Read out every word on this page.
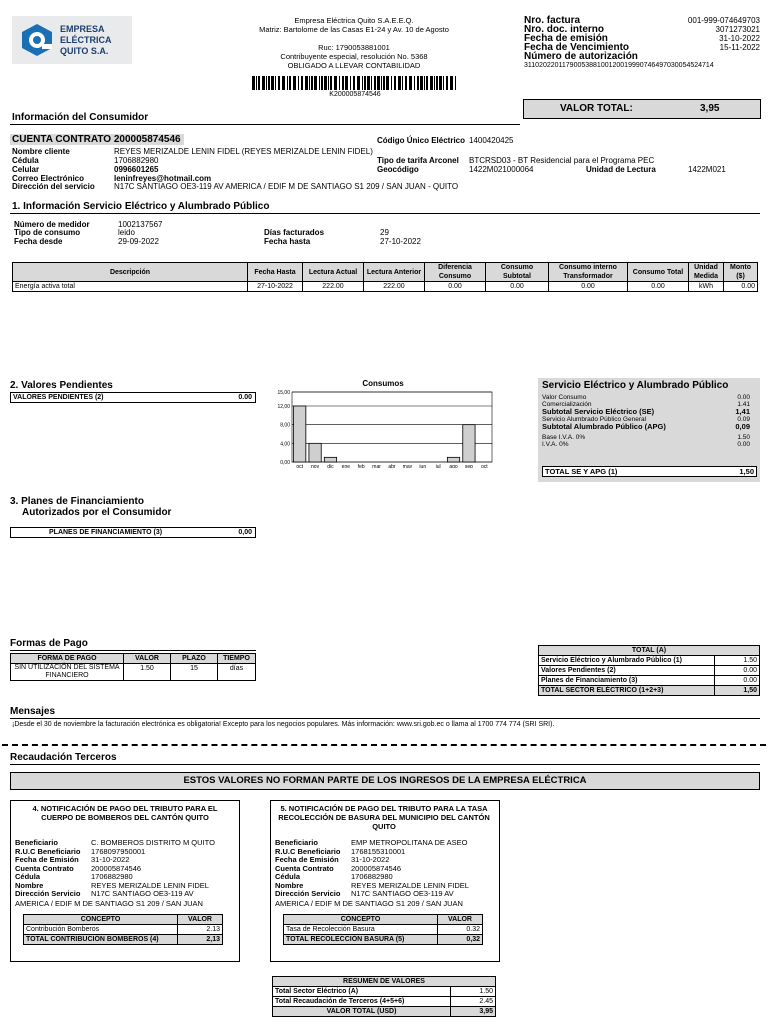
EMPRESA
ELÉCTRICA
QUITO S.A.
Empresa Eléctrica Quito S.A.E.E.Q.
Matriz: Bartolome de las Casas E1-24 y Av. 10 de Agosto
Ruc: 1790053881001
Contribuyente especial, resolución No. 5368
OBLIGADO A LLEVAR CONTABILIDAD
K200005874546
Nro. factura	001-999-074649703
Nro. doc. interno	3071273021
Fecha de emisión	31-10-2022
Fecha de Vencimiento	15-11-2022
Número de autorización
3110202201179005388100120019990746497030054524714
Información del Consumidor
VALOR TOTAL:	3,95
CUENTA CONTRATO 200005874546	Código Único Eléctrico 1400420425
Nombre cliente	REYES MERIZALDE LENIN FIDEL (REYES MERIZALDE LENIN FIDEL)
Cédula	1706882980	Tipo de tarifa Arconel BTCRSD03 - BT Residencial para el Programa PEC
Celular	0996601265	Geocódigo	1422M021000064	Unidad de Lectura	1422M021
Correo Electrónico	leninfreyes@hotmail.com
Dirección del servicio N17C SANTIAGO OE3-119 AV AMERICA / EDIF M DE SANTIAGO S1 209 / SAN JUAN - QUITO
1. Información Servicio Eléctrico y Alumbrado Público
Número de medidor	1002137567
Tipo de consumo	leido	Días facturados	29
Fecha desde	29-09-2022	Fecha hasta	27-10-2022
Descripción	Fecha Hasta	Lectura Actual	Lectura Anterior	Diferencia Consumo	Consumo Subtotal	Consumo interno Transformador	Consumo Total	Unidad Medida	Monto ($)
Energía activa total	27-10-2022	222.00	222.00	0.00	0.00	0.00	0.00	kWh	0.00
2. Valores Pendientes
VALORES PENDIENTES (2)	0.00
Consumos
0,00
4,00
8,00
12,00
15,00
oct nov dic ene feb mar abr may jun jul ago sep oct
Servicio Eléctrico y Alumbrado Público
Valor Consumo	0.00
Comercialización	1.41
Subtotal Servicio Eléctrico (SE)	1,41
Servicio Alumbrado Público General	0.09
Subtotal Alumbrado Público (APG)	0,09
Base I.V.A. 0%	1.50
I.V.A. 0%	0.00
TOTAL SE Y APG (1)	1,50
3. Planes de Financiamiento
Autorizados por el Consumidor
PLANES DE FINANCIAMIENTO (3)	0,00
Formas de Pago
FORMA DE PAGO	VALOR	PLAZO	TIEMPO
SIN UTILIZACIÓN DEL SISTEMA FINANCIERO	1.50	15	días
TOTAL (A)	
Servicio Eléctrico y Alumbrado Público (1)	1.50
Valores Pendientes (2)	0.00
Planes de Financiamiento (3)	0.00
TOTAL SECTOR ELÉCTRICO (1+2+3)	1,50
Mensajes
¡Desde el 30 de noviembre la facturación electrónica es obligatoria! Excepto para los negocios populares. Más información: www.sri.gob.ec o llama al 1700 774 774 (SRI SRI).
Recaudación Terceros
ESTOS VALORES NO FORMAN PARTE DE LOS INGRESOS DE LA EMPRESA ELÉCTRICA
4. NOTIFICACIÓN DE PAGO DEL TRIBUTO PARA EL CUERPO DE BOMBEROS DEL CANTÓN QUITO
Beneficiario	C. BOMBEROS DISTRITO M QUITO
R.U.C Beneficiario 1768097950001
Fecha de Emisión 31-10-2022
Cuenta Contrato 200005874546
Cédula	1706882980
Nombre	REYES MERIZALDE LENIN FIDEL
Dirección Servicio N17C SANTIAGO OE3-119 AV
AMERICA / EDIF M DE SANTIAGO S1 209 / SAN JUAN
CONCEPTO	VALOR
Contribución Bomberos	2.13
TOTAL CONTRIBUCIÓN BOMBEROS (4)	2,13
5. NOTIFICACIÓN DE PAGO DEL TRIBUTO PARA LA TASA RECOLECCIÓN DE BASURA DEL MUNICIPIO DEL CANTÓN QUITO
Beneficiario	EMP METROPOLITANA DE ASEO
R.U.C Beneficiario 1768155310001
Fecha de Emisión 31-10-2022
Cuenta Contrato 200005874546
Cédula	1706882980
Nombre	REYES MERIZALDE LENIN FIDEL
Dirección Servicio N17C SANTIAGO OE3-119 AV
AMERICA / EDIF M DE SANTIAGO S1 209 / SAN JUAN
CONCEPTO	VALOR
Tasa de Recolección Basura	0.32
TOTAL RECOLECCIÓN BASURA (5)	0,32
RESUMEN DE VALORES	
Total Sector Eléctrico (A)	1.50
Total Recaudación de Terceros (4+5+6)	2.45
VALOR TOTAL (USD)	3,95
